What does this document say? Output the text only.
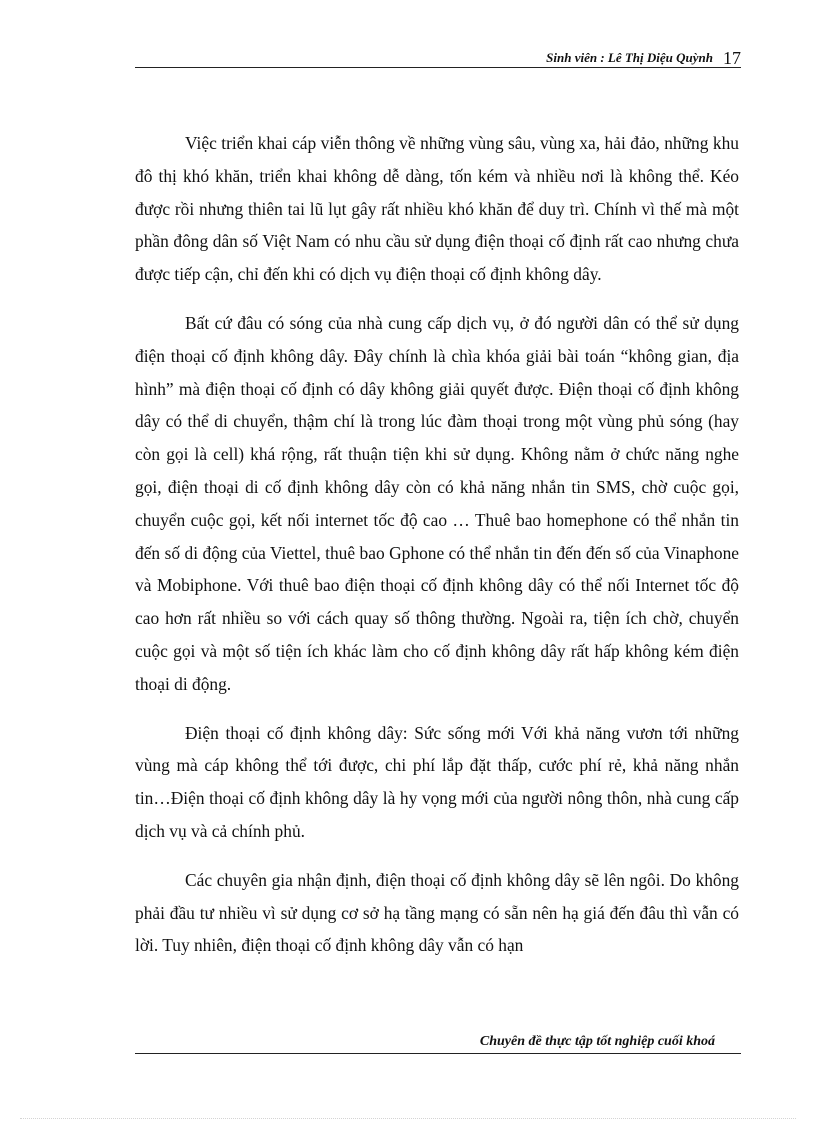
Sinh viên : Lê Thị Diệu Quỳnh 17

Việc triển khai cáp viễn thông về những vùng sâu, vùng xa, hải đảo, những khu đô thị khó khăn, triển khai không dễ dàng, tốn kém và nhiều nơi là không thể. Kéo được rồi nhưng thiên tai lũ lụt gây rất nhiều khó khăn để duy trì. Chính vì thế mà một phần đông dân số Việt Nam có nhu cầu sử dụng điện thoại cố định rất cao nhưng chưa được tiếp cận, chỉ đến khi có dịch vụ điện thoại cố định không dây.

Bất cứ đâu có sóng của nhà cung cấp dịch vụ, ở đó người dân có thể sử dụng điện thoại cố định không dây. Đây chính là chìa khóa giải bài toán “không gian, địa hình” mà điện thoại cố định có dây không giải quyết được. Điện thoại cố định không dây có thể di chuyển, thậm chí là trong lúc đàm thoại trong một vùng phủ sóng (hay còn gọi là cell) khá rộng, rất thuận tiện khi sử dụng. Không nằm ở chức năng nghe gọi, điện thoại di cố định không dây còn có khả năng nhắn tin SMS, chờ cuộc gọi, chuyển cuộc gọi, kết nối internet tốc độ cao … Thuê bao homephone có thể nhắn tin đến số di động của Viettel, thuê bao Gphone có thể nhắn tin đến đến số của Vinaphone và Mobiphone. Với thuê bao điện thoại cố định không dây có thể nối Internet tốc độ cao hơn rất nhiều so với cách quay số thông thường. Ngoài ra, tiện ích chờ, chuyển cuộc gọi và một số tiện ích khác làm cho cố định không dây rất hấp không kém điện thoại di động.

Điện thoại cố định không dây: Sức sống mới Với khả năng vươn tới những vùng mà cáp không thể tới được, chi phí lắp đặt thấp, cước phí rẻ, khả năng nhắn tin…Điện thoại cố định không dây là hy vọng mới của người nông thôn, nhà cung cấp dịch vụ và cả chính phủ.

Các chuyên gia nhận định, điện thoại cố định không dây sẽ lên ngôi. Do không phải đầu tư nhiều vì sử dụng cơ sở hạ tầng mạng có sẵn nên hạ giá đến đâu thì vẫn có lời. Tuy nhiên, điện thoại cố định không dây vẫn có hạn

Chuyên đề thực tập tốt nghiệp cuối khoá
